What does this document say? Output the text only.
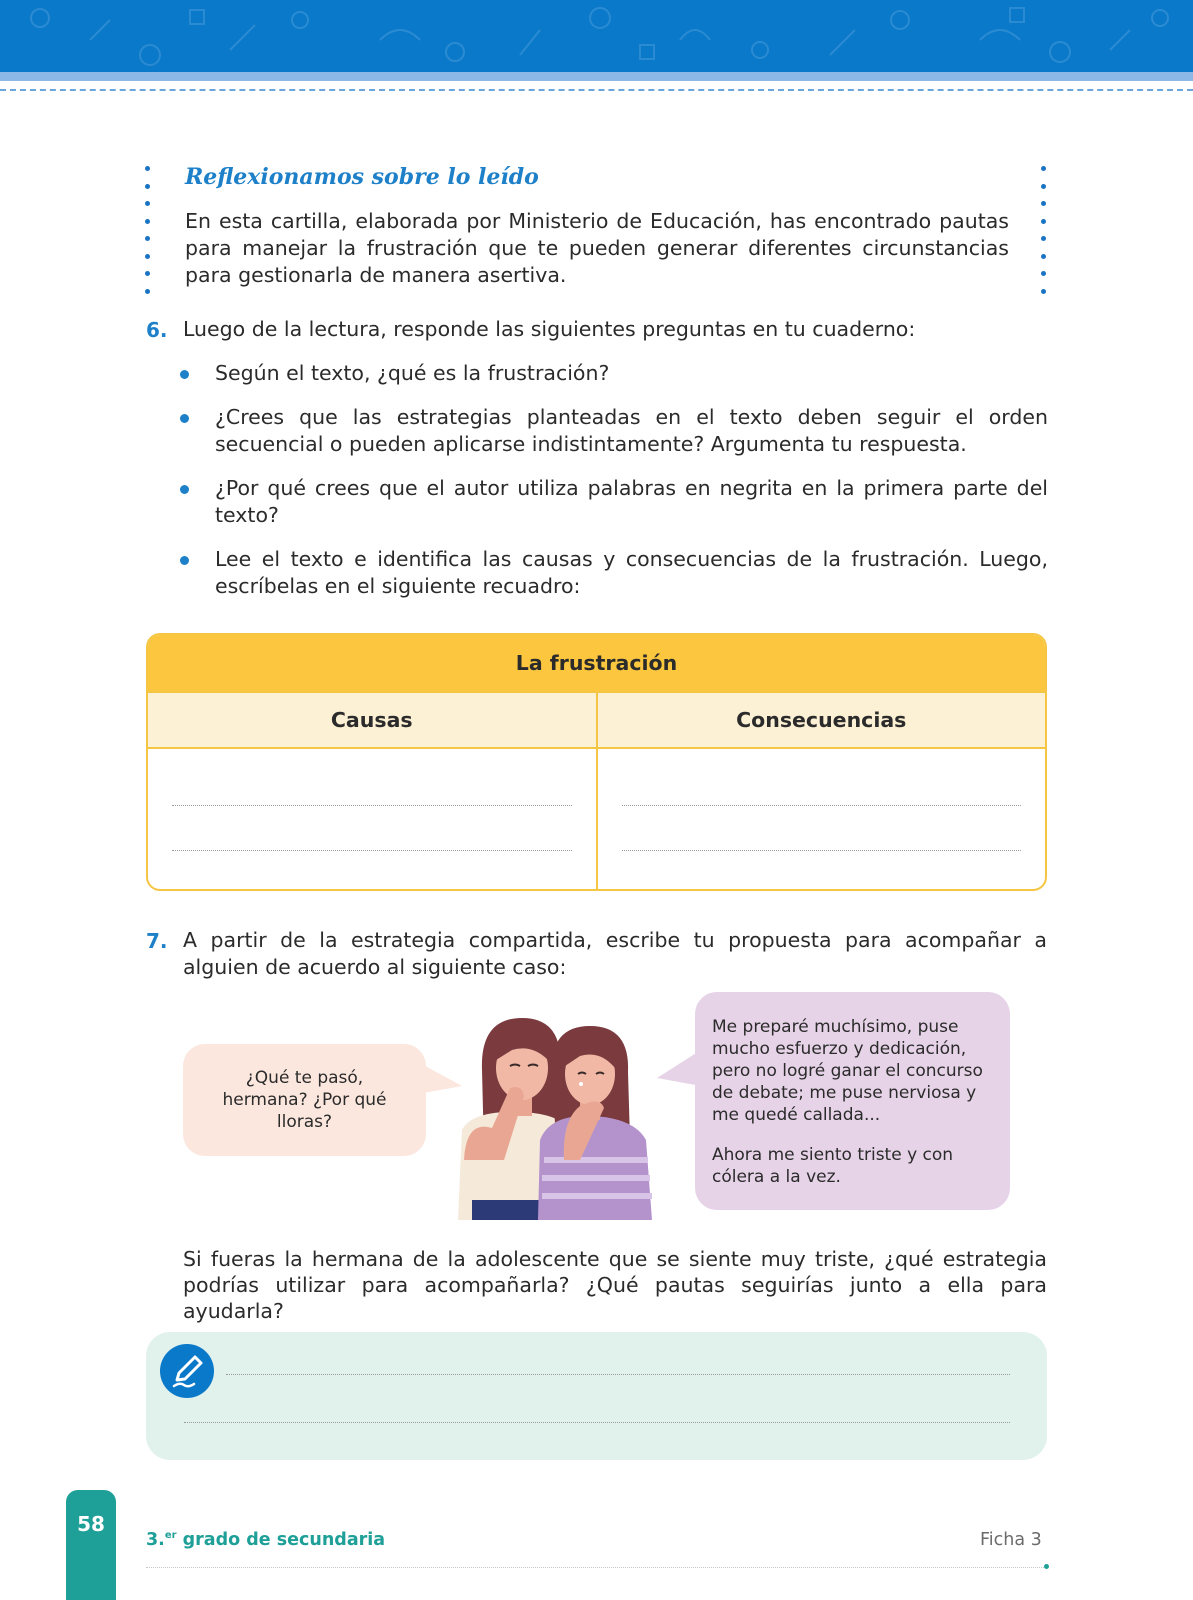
Reflexionamos sobre lo leído
En esta cartilla, elaborada por Ministerio de Educación, has encontrado pautas para manejar la frustración que te pueden generar diferentes circunstancias para gestionarla de manera asertiva.
6. Luego de la lectura, responde las siguientes preguntas en tu cuaderno:
Según el texto, ¿qué es la frustración?
¿Crees que las estrategias planteadas en el texto deben seguir el orden secuencial o pueden aplicarse indistintamente? Argumenta tu respuesta.
¿Por qué crees que el autor utiliza palabras en negrita en la primera parte del texto?
Lee el texto e identifica las causas y consecuencias de la frustración. Luego, escríbelas en el siguiente recuadro:
La frustración
Causas	Consecuencias
7. A partir de la estrategia compartida, escribe tu propuesta para acompañar a alguien de acuerdo al siguiente caso:
¿Qué te pasó, hermana? ¿Por qué lloras?

Me preparé muchísimo, puse mucho esfuerzo y dedicación, pero no logré ganar el concurso de debate; me puse nerviosa y me quedé callada...

Ahora me siento triste y con cólera a la vez.

Si fueras la hermana de la adolescente que se siente muy triste, ¿qué estrategia podrías utilizar para acompañarla? ¿Qué pautas seguirías junto a ella para ayudarla?
58
3.$^{er}$ grado de secundaria	Ficha 3
